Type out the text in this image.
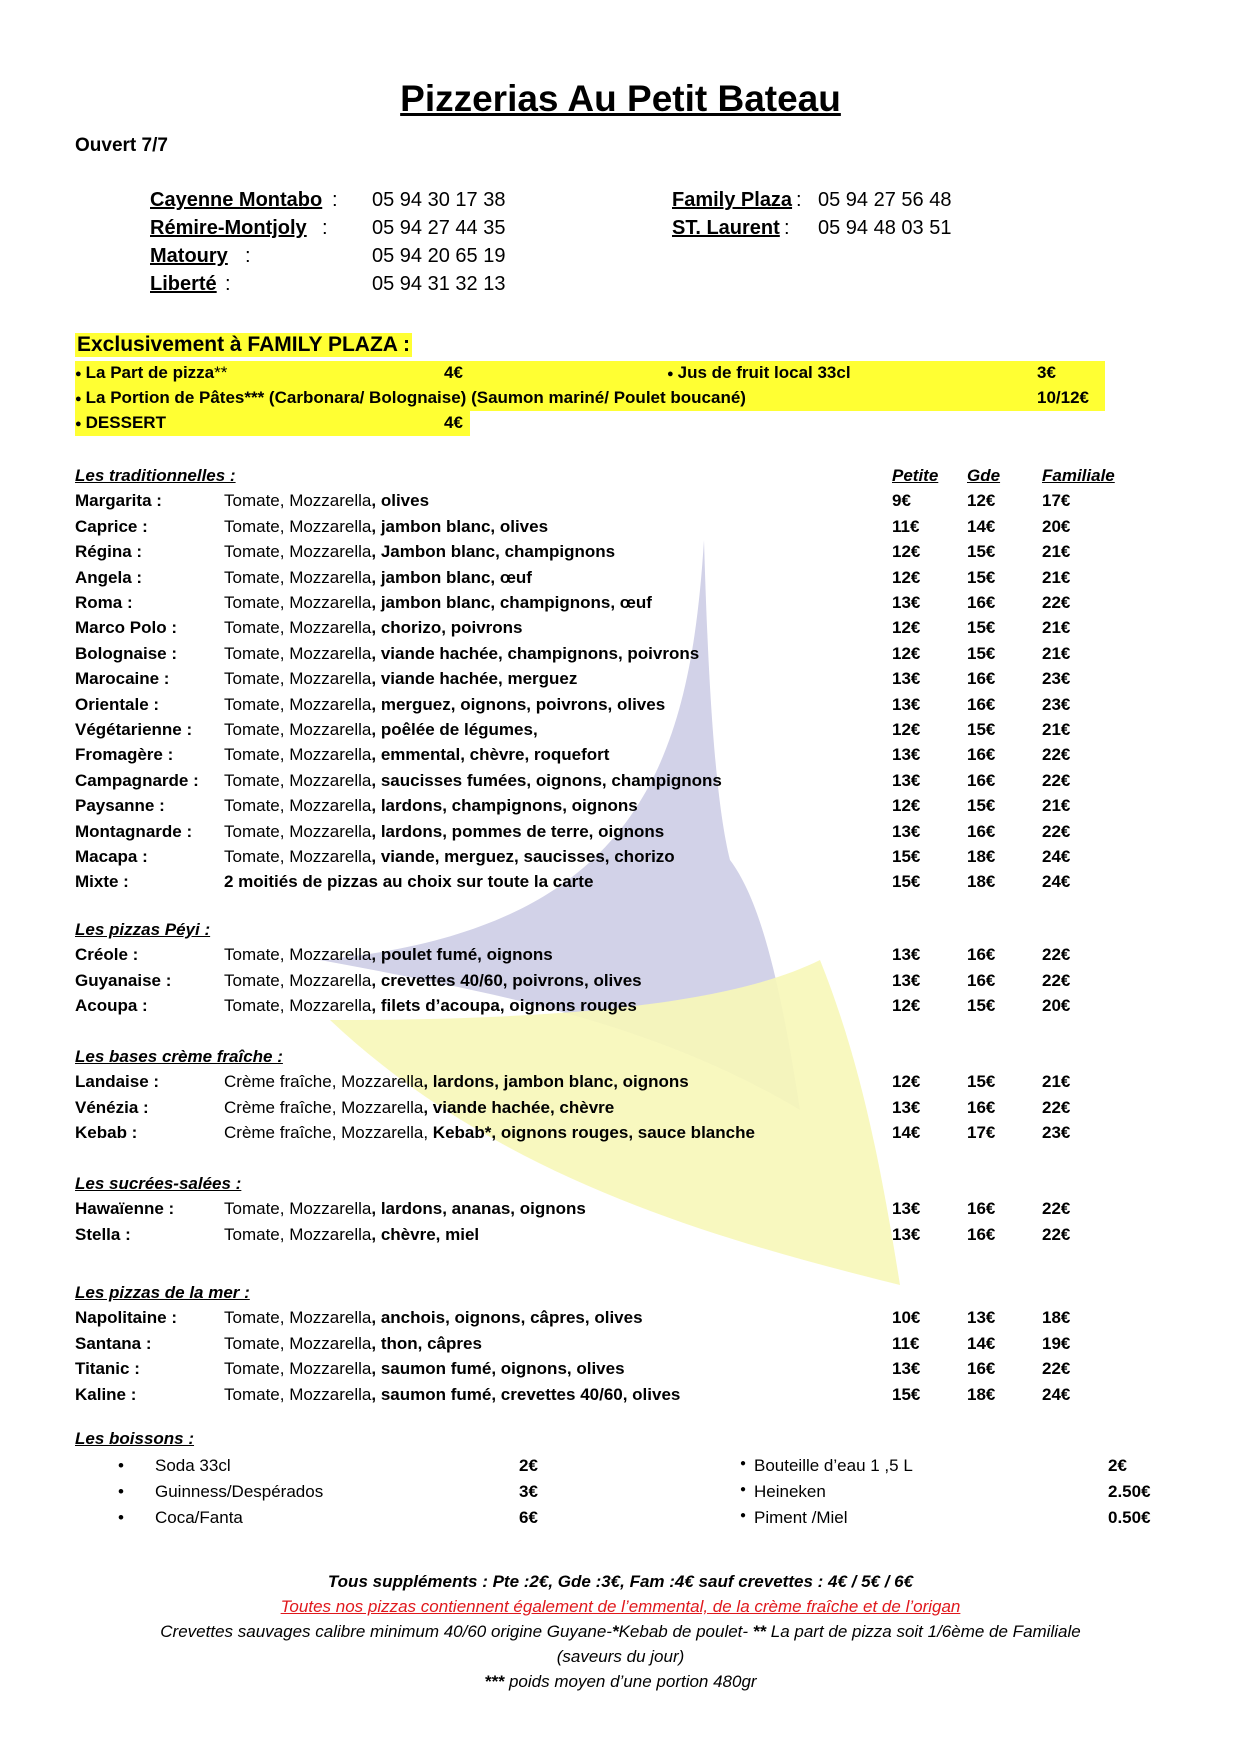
Pizzerias Au Petit Bateau
Ouvert 7/7
Cayenne Montabo : 05 94 30 17 38
Rémire-Montjoly : 05 94 27 44 35
Matoury :	05 94 20 65 19
Liberté :	05 94 31 32 13
Family Plaza : 05 94 27 56 48
ST. Laurent : 05 94 48 03 51
Exclusivement à FAMILY PLAZA :
● La Part de pizza**	4€	● Jus de fruit local 33cl	3€
● La Portion de Pâtes*** (Carbonara/ Bolognaise) (Saumon mariné/ Poulet boucané)	10/12€
● DESSERT	4€
Les traditionnelles :	Petite Gde Familiale
Margarita :	Tomate, Mozzarella, olives	9€	12€	17€
Caprice :	Tomate, Mozzarella, jambon blanc, olives	11€	14€	20€
Régina :	Tomate, Mozzarella, Jambon blanc, champignons	12€	15€	21€
Angela :	Tomate, Mozzarella, jambon blanc, œuf	12€	15€	21€
Roma :	Tomate, Mozzarella, jambon blanc, champignons, œuf	13€	16€	22€
Marco Polo :	Tomate, Mozzarella, chorizo, poivrons	12€	15€	21€
Bolognaise :	Tomate, Mozzarella, viande hachée, champignons, poivrons	12€	15€	21€
Marocaine :	Tomate, Mozzarella, viande hachée, merguez	13€	16€	23€
Orientale :	Tomate, Mozzarella, merguez, oignons, poivrons, olives	13€	16€	23€
Végétarienne : Tomate, Mozzarella, poêlée de légumes,	12€	15€	21€
Fromagère :	Tomate, Mozzarella, emmental, chèvre, roquefort	13€	16€	22€
Campagnarde : Tomate, Mozzarella, saucisses fumées, oignons, champignons	13€	16€	22€
Paysanne :	Tomate, Mozzarella, lardons, champignons, oignons	12€	15€	21€
Montagnarde : Tomate, Mozzarella, lardons, pommes de terre, oignons	13€	16€	22€
Macapa :	Tomate, Mozzarella, viande, merguez, saucisses, chorizo	15€	18€	24€
Mixte :	2 moitiés de pizzas au choix sur toute la carte	15€	18€	24€
Les pizzas Péyi :
Créole :	Tomate, Mozzarella, poulet fumé, oignons	13€	16€	22€
Guyanaise :	Tomate, Mozzarella, crevettes 40/60, poivrons, olives	13€	16€	22€
Acoupa :	Tomate, Mozzarella, filets d’acoupa, oignons rouges	12€	15€	20€
Les bases crème fraîche :
Landaise :	Crème fraîche, Mozzarella, lardons, jambon blanc, oignons	12€	15€	21€
Vénézia :	Crème fraîche, Mozzarella, viande hachée, chèvre	13€	16€	22€
Kebab :	Crème fraîche, Mozzarella, Kebab*, oignons rouges, sauce blanche	14€	17€	23€
Les sucrées-salées :
Hawaïenne :	Tomate, Mozzarella, lardons, ananas, oignons	13€	16€	22€
Stella :	Tomate, Mozzarella, chèvre, miel	13€	16€	22€
Les pizzas de la mer :
Napolitaine :	Tomate, Mozzarella, anchois, oignons, câpres, olives	10€	13€	18€
Santana :	Tomate, Mozzarella, thon, câpres	11€	14€	19€
Titanic :	Tomate, Mozzarella, saumon fumé, oignons, olives	13€	16€	22€
Kaline :	Tomate, Mozzarella, saumon fumé, crevettes 40/60, olives	15€	18€	24€
Les boissons :
• Soda 33cl	2€
• Guinness/Despérados	3€
• Coca/Fanta	6€
● Bouteille d’eau 1 ,5 L	2€
● Heineken	2.50€
● Piment /Miel	0.50€
Tous suppléments : Pte :2€, Gde :3€, Fam :4€ sauf crevettes : 4€ / 5€ / 6€
Toutes nos pizzas contiennent également de l’emmental, de la crème fraîche et de l’origan
Crevettes sauvages calibre minimum 40/60 origine Guyane-*Kebab de poulet- ** La part de pizza soit 1/6ème de Familiale
(saveurs du jour)
*** poids moyen d’une portion 480gr
